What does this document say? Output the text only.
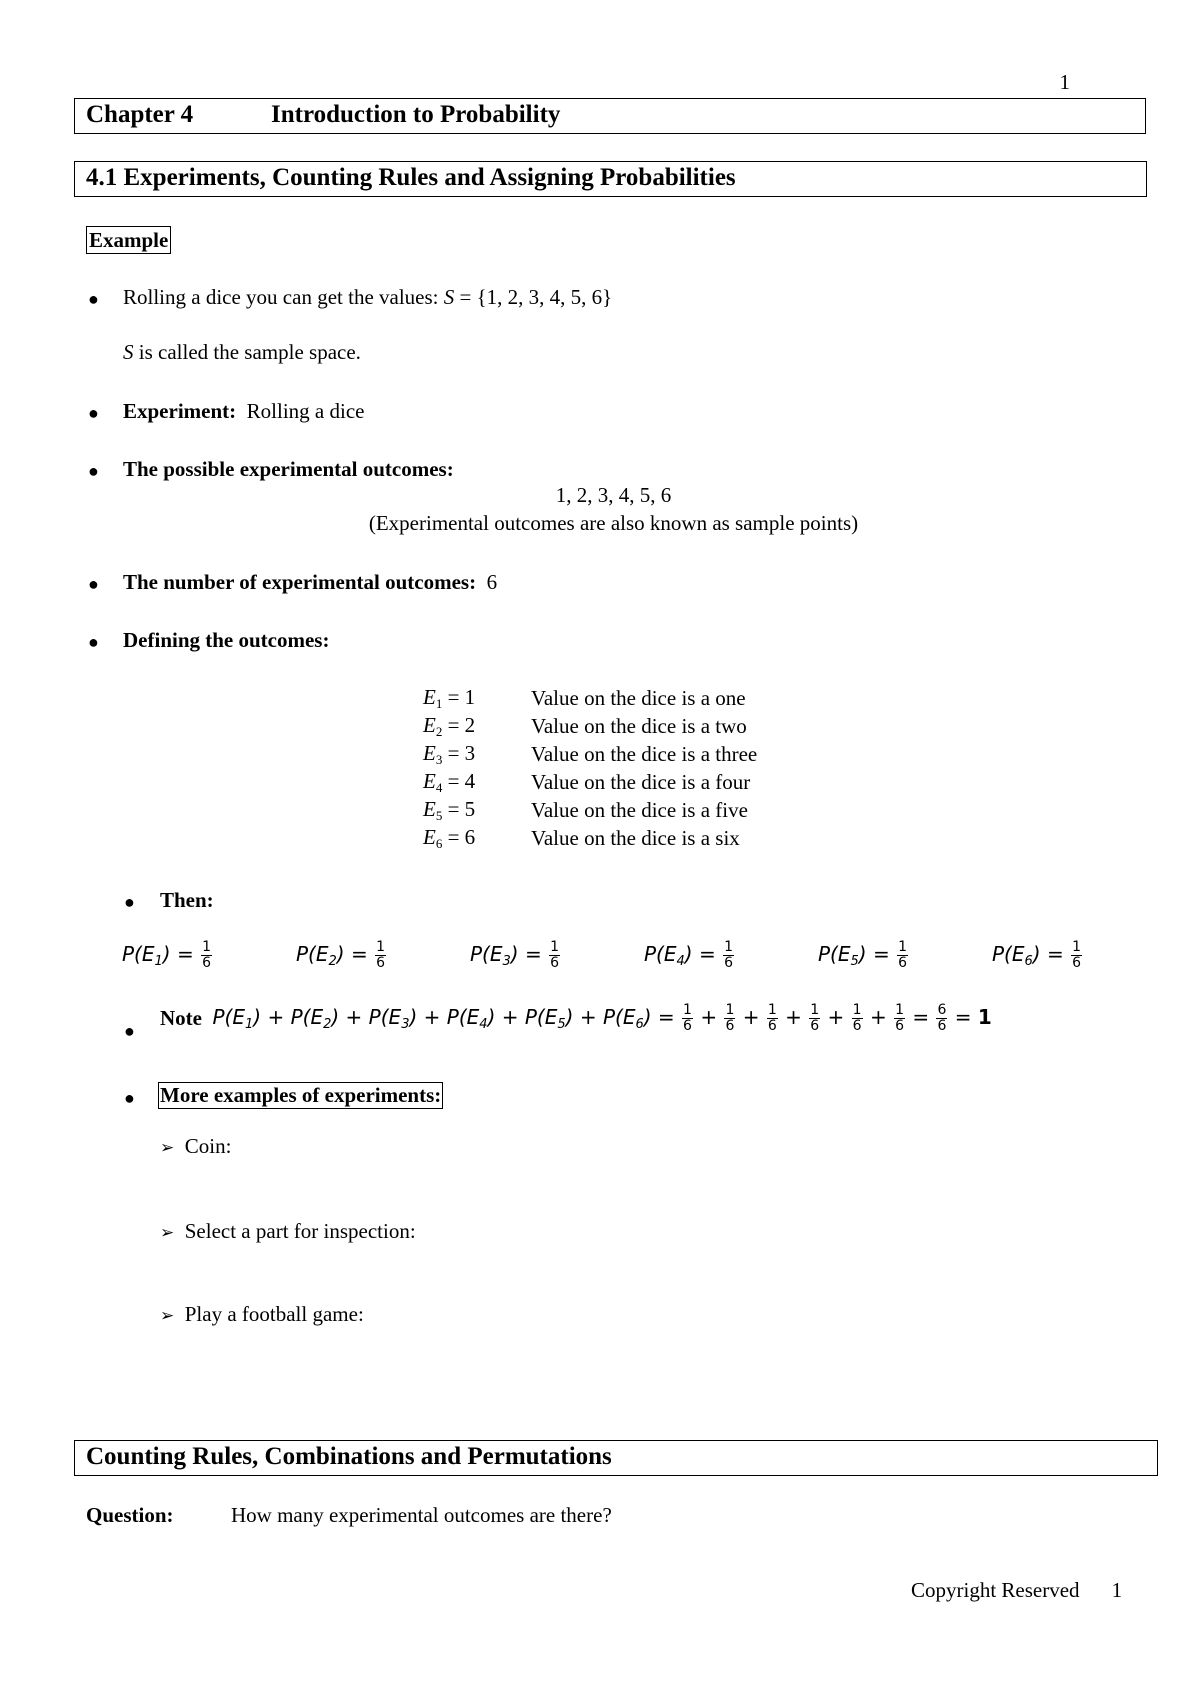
1
Chapter 4	Introduction to Probability
4.1 Experiments, Counting Rules and Assigning Probabilities
Example
● Rolling a dice you can get the values: S = {1, 2, 3, 4, 5, 6}
S is called the sample space.
● Experiment: Rolling a dice
● The possible experimental outcomes:
1, 2, 3, 4, 5, 6
(Experimental outcomes are also known as sample points)
● The number of experimental outcomes: 6
● Defining the outcomes:
$E_1 = 1$	Value on the dice is a one
$E_2 = 2$	Value on the dice is a two
$E_3 = 3$	Value on the dice is a three
$E_4 = 4$	Value on the dice is a four
$E_5 = 5$	Value on the dice is a five
$E_6 = 6$	Value on the dice is a six
● Then:
$P(E_1) = \frac{1}{6}$	$P(E_2) = \frac{1}{6}$	$P(E_3) = \frac{1}{6}$	$P(E_4) = \frac{1}{6}$	$P(E_5) = \frac{1}{6}$	$P(E_6) = \frac{1}{6}$
●
Note $P(E_1) + P(E_2) + P(E_3) + P(E_4) + P(E_5) + P(E_6) = \frac{1}{6} + \frac{1}{6} + \frac{1}{6} + \frac{1}{6} + \frac{1}{6} + \frac{1}{6} = \frac{6}{6} = 1$
● More examples of experiments:
➢ Coin:
➢ Select a part for inspection:
➢ Play a football game:
Counting Rules, Combinations and Permutations
Question:	How many experimental outcomes are there?
Copyright Reserved 1
